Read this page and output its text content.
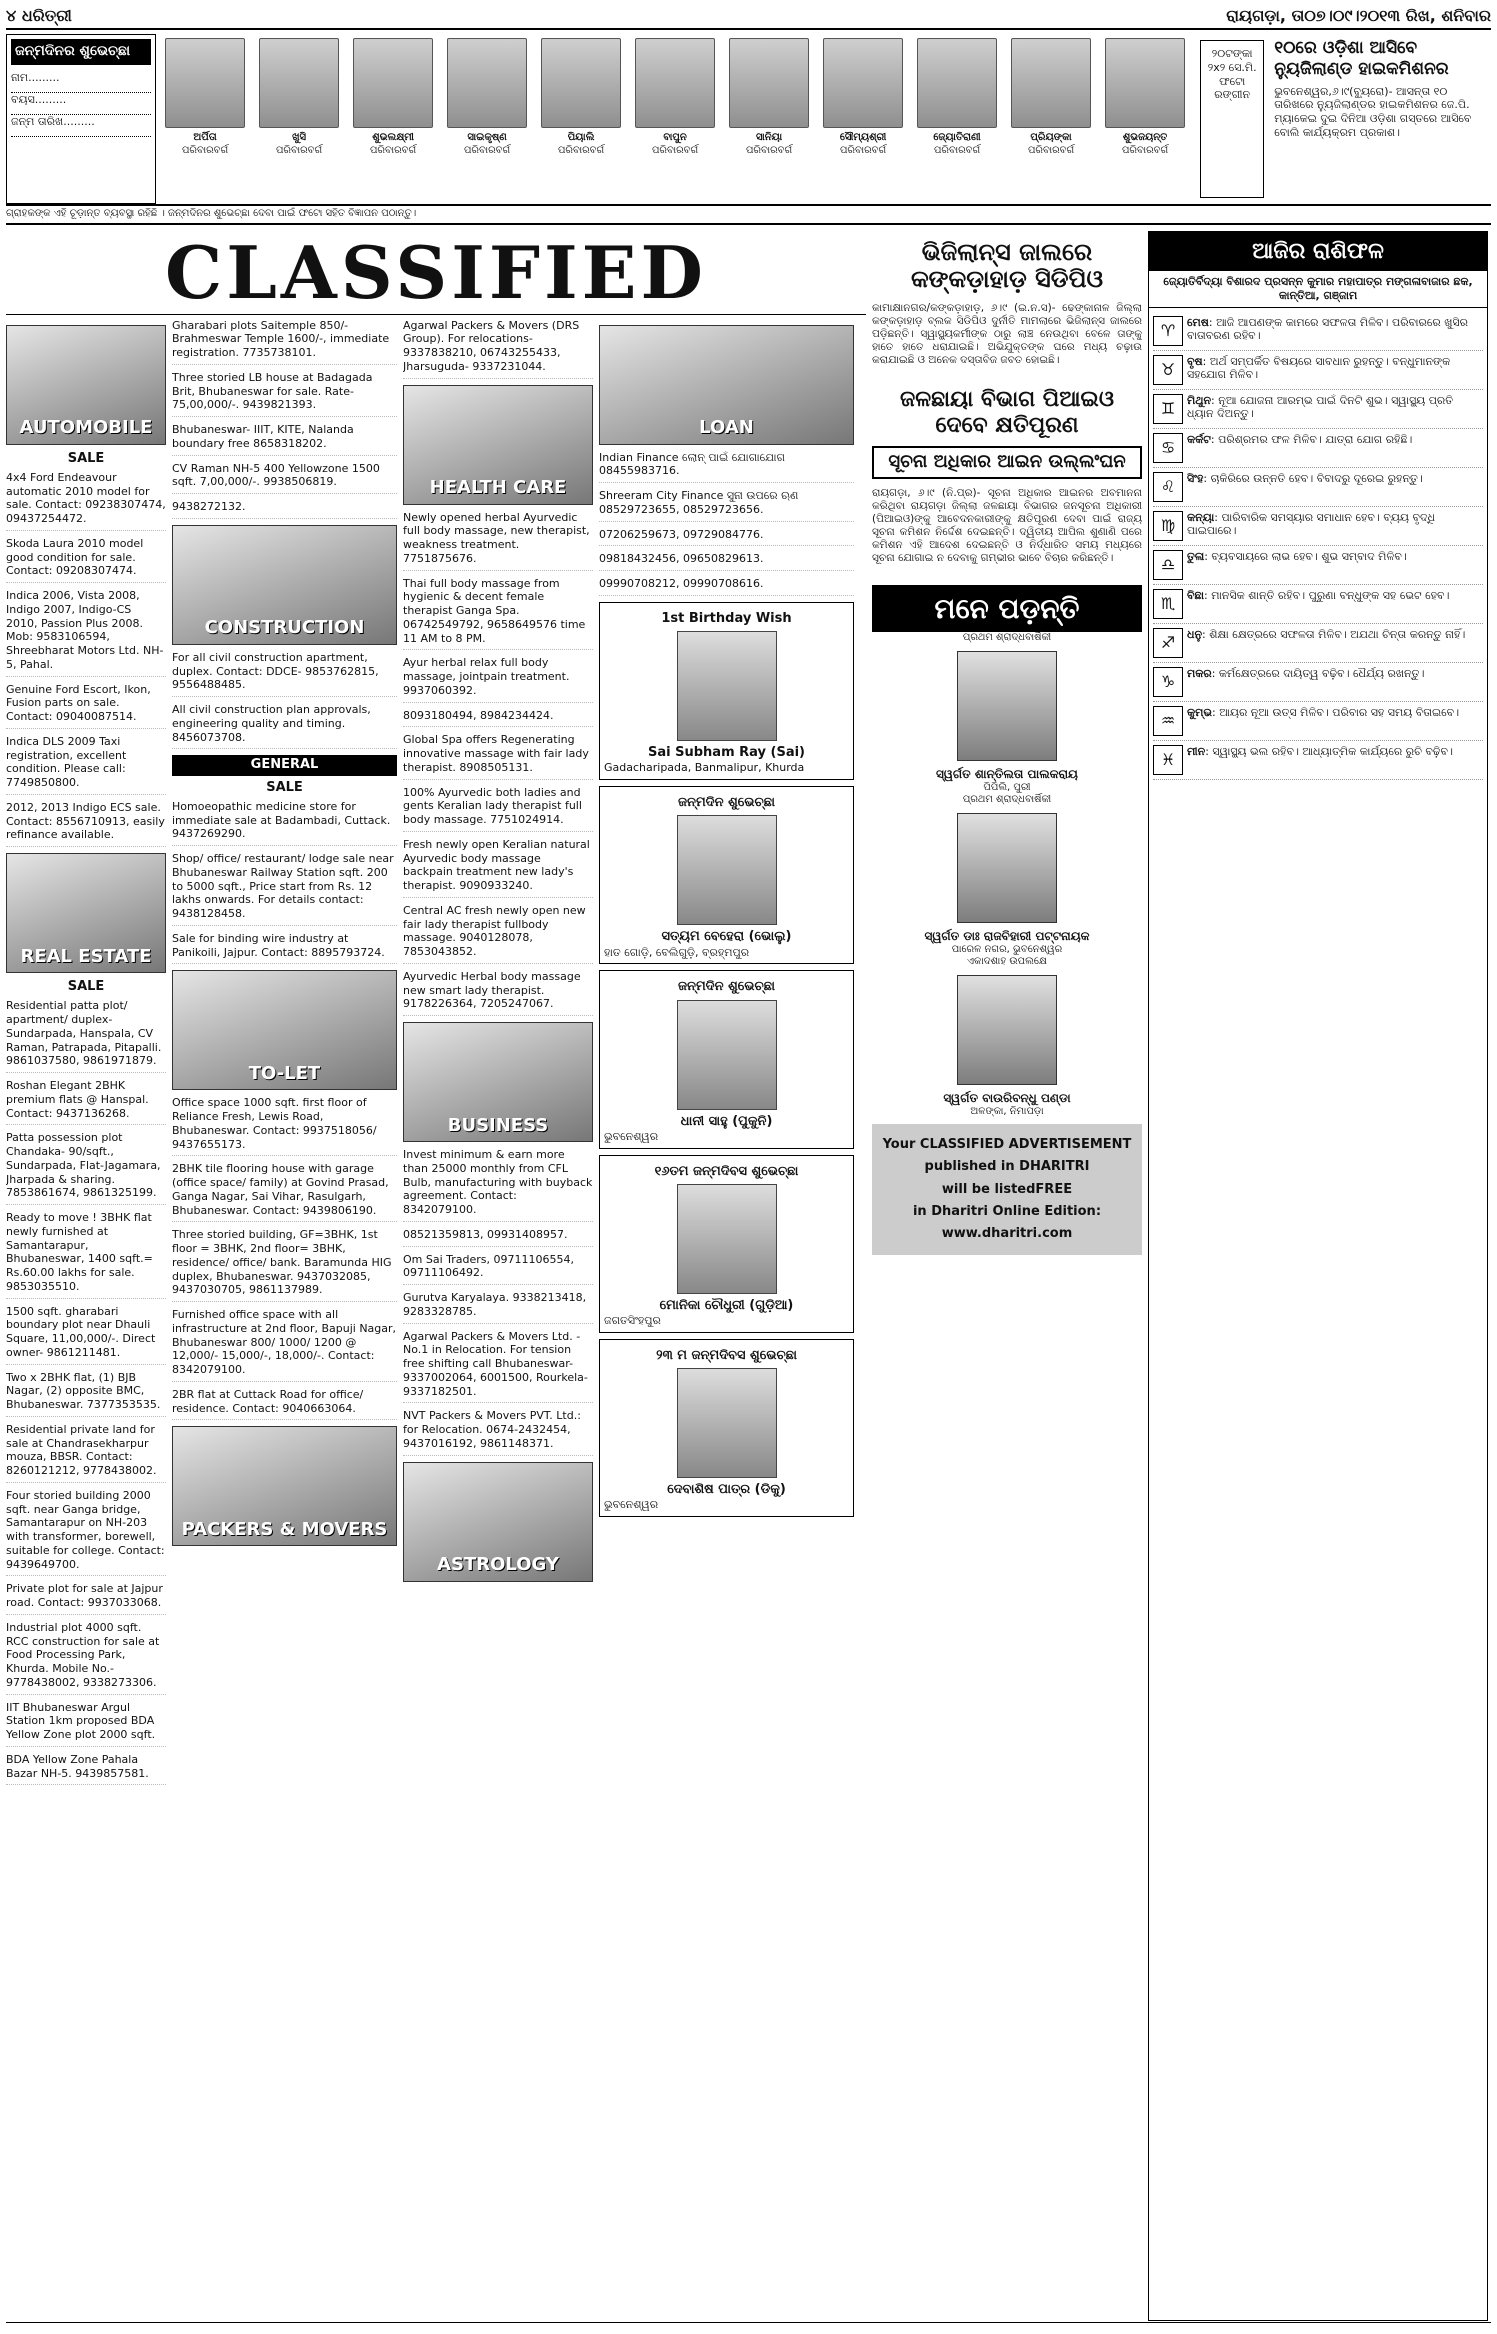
୪ ଧରିତ୍ରୀ	ରାୟଗଡ଼ା, ତା୦୭।୦୯।୨୦୧୩ ରିଖ, ଶନିବାର
ଜନ୍ମଦିନର ଶୁଭେଚ୍ଛା
ନାମ.........
ବୟସ.........
ଜନ୍ମ ତାରିଖ.........
ଅର୍ପିତା
ପରିବାରବର୍ଗ
ଖୁସି
ପରିବାରବର୍ଗ
ଶୁଭଲକ୍ଷ୍ମୀ
ପରିବାରବର୍ଗ
ସାଇକୃଷ୍ଣ
ପରିବାରବର୍ଗ
ପିୟାଲି
ପରିବାରବର୍ଗ
ବାପୁନ
ପରିବାରବର୍ଗ
ସାନିୟା
ପରିବାରବର୍ଗ
ସୌମ୍ୟଶ୍ରୀ
ପରିବାରବର୍ଗ
ଜ୍ୟୋତିରାଣୀ
ପରିବାରବର୍ଗ
ପ୍ରିୟଙ୍କା
ପରିବାରବର୍ଗ
ଶୁଭଜୟନ୍ତ
ପରିବାରବର୍ଗ
୨୦ଟଙ୍କା ୨x୨ ସେ.ମି. ଫଟୋ ରଙ୍ଗୀନ
୧୦ରେ ଓଡ଼ିଶା ଆସିବେ ନ୍ୟୁଜିଲାଣ୍ଡ ହାଇକମିଶନର

ଭୁବନେଶ୍ୱର,୬।୯(ବ୍ୟୁରୋ)- ଆସନ୍ତା ୧୦ ତାରିଖରେ ନ୍ୟୁଜିଲାଣ୍ଡର ହାଇକମିଶନର ଜେ.ପି. ମ୍ୟାକେଇ ଦୁଇ ଦିନିଆ ଓଡ଼ିଶା ଗସ୍ତରେ ଆସିବେ ବୋଲି କାର୍ଯ୍ୟକ୍ରମ ପ୍ରକାଶ।

ଗ୍ରାହକଙ୍କ ଏହି ଚୂଡ଼ାନ୍ତ ବ୍ୟବସ୍ଥା ରହିଛି । ଜନ୍ମଦିନର ଶୁଭେଚ୍ଛା ଦେବା ପାଇଁ ଫଟୋ ସହିତ ବିଜ୍ଞାପନ ପଠାନ୍ତୁ।
CLASSIFIED
AUTOMOBILE
SALE
4x4 Ford Endeavour automatic 2010 model for sale. Contact: 09238307474, 09437254472.
Skoda Laura 2010 model good condition for sale. Contact: 09208307474.
Indica 2006, Vista 2008, Indigo 2007, Indigo-CS 2010, Passion Plus 2008. Mob: 9583106594, Shreebharat Motors Ltd. NH-5, Pahal.
Genuine Ford Escort, Ikon, Fusion parts on sale. Contact: 09040087514.
Indica DLS 2009 Taxi registration, excellent condition. Please call: 7749850800.
2012, 2013 Indigo ECS sale. Contact: 8556710913, easily refinance available.
REAL ESTATE
SALE
Residential patta plot/ apartment/ duplex- Sundarpada, Hanspala, CV Raman, Patrapada, Pitapalli. 9861037580, 9861971879.
Roshan Elegant 2BHK premium flats @ Hanspal. Contact: 9437136268.
Patta possession plot Chandaka- 90/sqft., Sundarpada, Flat-Jagamara, Jharpada & sharing. 7853861674, 9861325199.
Ready to move ! 3BHK flat newly furnished at Samantarapur, Bhubaneswar, 1400 sqft.= Rs.60.00 lakhs for sale. 9853035510.
1500 sqft. gharabari boundary plot near Dhauli Square, 11,00,000/-. Direct owner- 9861211481.
Two x 2BHK flat, (1) BJB Nagar, (2) opposite BMC, Bhubaneswar. 7377353535.
Residential private land for sale at Chandrasekharpur mouza, BBSR. Contact: 8260121212, 9778438002.
Four storied building 2000 sqft. near Ganga bridge, Samantarapur on NH-203 with transformer, borewell, suitable for college. Contact: 9439649700.
Private plot for sale at Jajpur road. Contact: 9937033068.
Industrial plot 4000 sqft. RCC construction for sale at Food Processing Park, Khurda. Mobile No.- 9778438002, 9338273306.
IIT Bhubaneswar Argul Station 1km proposed BDA Yellow Zone plot 2000 sqft.
BDA Yellow Zone Pahala Bazar NH-5. 9439857581.
Gharabari plots Saitemple 850/- Brahmeswar Temple 1600/-, immediate registration. 7735738101.
Three storied LB house at Badagada Brit, Bhubaneswar for sale. Rate- 75,00,000/-. 9439821393.
Bhubaneswar- IIIT, KITE, Nalanda boundary free 8658318202.
CV Raman NH-5 400 Yellowzone 1500 sqft. 7,00,000/-. 9938506819.
9438272132.
CONSTRUCTION
For all civil construction apartment, duplex. Contact: DDCE- 9853762815, 9556488485.
All civil construction plan approvals, engineering quality and timing. 8456073708.
GENERAL
SALE
Homoeopathic medicine store for immediate sale at Badambadi, Cuttack. 9437269290.
Shop/ office/ restaurant/ lodge sale near Bhubaneswar Railway Station sqft. 200 to 5000 sqft., Price start from Rs. 12 lakhs onwards. For details contact: 9438128458.
Sale for binding wire industry at Panikoili, Jajpur. Contact: 8895793724.
TO-LET
Office space 1000 sqft. first floor of Reliance Fresh, Lewis Road, Bhubaneswar. Contact: 9937518056/ 9437655173.
2BHK tile flooring house with garage (office space/ family) at Govind Prasad, Ganga Nagar, Sai Vihar, Rasulgarh, Bhubaneswar. Contact: 9439806190.
Three storied building, GF=3BHK, 1st floor = 3BHK, 2nd floor= 3BHK, residence/ office/ bank. Baramunda HIG duplex, Bhubaneswar. 9437032085, 9437030705, 9861137989.
Furnished office space with all infrastructure at 2nd floor, Bapuji Nagar, Bhubaneswar 800/ 1000/ 1200 @ 12,000/- 15,000/-, 18,000/-. Contact: 8342079100.
2BR flat at Cuttack Road for office/ residence. Contact: 9040663064.
PACKERS & MOVERS
Agarwal Packers & Movers (DRS Group). For relocations- 9337838210, 06743255433, Jharsuguda- 9337231044.
HEALTH CARE
Newly opened herbal Ayurvedic full body massage, new therapist, weakness treatment. 7751875676.
Thai full body massage from hygienic & decent female therapist Ganga Spa. 06742549792, 9658649576 time 11 AM to 8 PM.
Ayur herbal relax full body massage, jointpain treatment. 9937060392.
8093180494, 8984234424.
Global Spa offers Regenerating innovative massage with fair lady therapist. 8908505131.
100% Ayurvedic both ladies and gents Keralian lady therapist full body massage. 7751024914.
Fresh newly open Keralian natural Ayurvedic body massage backpain treatment new lady's therapist. 9090933240.
Central AC fresh newly open new fair lady therapist fullbody massage. 9040128078, 7853043852.
Ayurvedic Herbal body massage new smart lady therapist. 9178226364, 7205247067.
BUSINESS
Invest minimum & earn more than 25000 monthly from CFL Bulb, manufacturing with buyback agreement. Contact: 8342079100.
08521359813, 09931408957.
Om Sai Traders, 09711106554, 09711106492.
Gurutva Karyalaya. 9338213418, 9283328785.
Agarwal Packers & Movers Ltd. - No.1 in Relocation. For tension free shifting call Bhubaneswar- 9337002064, 6001500, Rourkela- 9337182501.
NVT Packers & Movers PVT. Ltd.: for Relocation. 0674-2432454, 9437016192, 9861148371.
ASTROLOGY
LOAN
Indian Finance ଲୋନ୍ ପାଇଁ ଯୋଗାଯୋଗ 08455983716.
Shreeram City Finance ସୁନା ଉପରେ ଋଣ 08529723655, 08529723656.
07206259673, 09729084776.
09818432456, 09650829613.
09990708212, 09990708616.
1st Birthday Wish
Sai Subham Ray (Sai)
Gadacharipada, Banmalipur, Khurda
ଜନ୍ମଦିନ ଶୁଭେଚ୍ଛା
ସତ୍ୟମ ବେହେରା (ଭୋଲୁ)
ହାତ ଗୋଡ଼ି, ବେଲିଗୁଡ଼ି, ବ୍ରହ୍ମପୁର
ଜନ୍ମଦିନ ଶୁଭେଚ୍ଛା
ଧାନୀ ସାହୁ (ପୁକୁନି)
ଭୁବନେଶ୍ୱର
୧୬ତମ ଜନ୍ମଦିବସ ଶୁଭେଚ୍ଛା
ମୋନିକା ଚୌଧୁରୀ (ଗୁଡ଼ିଆ)
ଜଗତସିଂହପୁର
୨୩ ମ ଜନ୍ମଦିବସ ଶୁଭେଚ୍ଛା
ଦେବାଶିଷ ପାତ୍ର (ଡିକୁ)
ଭୁବନେଶ୍ୱର
ଭିଜିଲାନ୍ସ ଜାଲରେ କଙ୍କଡ଼ାହାଡ଼ ସିଡିପିଓ

କାମାକ୍ଷାନଗର/କଙ୍କଡ଼ାହାଡ଼, ୬।୯ (ଇ.ନ.ସ)- ଢେଙ୍କାନାଳ ଜିଲ୍ଲା କଙ୍କଡ଼ାହାଡ଼ ବ୍ଲକ ସିଡିପିଓ ଦୁର୍ନୀତି ମାମଲାରେ ଭିଜିଲାନ୍ସ ଜାଲରେ ପଡ଼ିଛନ୍ତି। ସ୍ୱାସ୍ଥ୍ୟକର୍ମୀଙ୍କ ଠାରୁ ଲାଞ୍ଚ ନେଉଥିବା ବେଳେ ତାଙ୍କୁ ହାତେ ହାତେ ଧରାଯାଇଛି। ଅଭିଯୁକ୍ତଙ୍କ ଘରେ ମଧ୍ୟ ଚଢ଼ାଉ କରାଯାଇଛି ଓ ଅନେକ ଦସ୍ତାବିଜ ଜବତ ହୋଇଛି।

ଜଳଛାୟା ବିଭାଗ ପିଆଇଓ ଦେବେ କ୍ଷତିପୂରଣ
ସୂଚନା ଅଧିକାର ଆଇନ ଉଲ୍ଲଂଘନ

ରାୟଗଡ଼ା, ୬।୯ (ନି.ପ୍ର)- ସୂଚନା ଅଧିକାର ଆଇନର ଅବମାନନା କରିଥିବା ରାୟଗଡ଼ା ଜିଲ୍ଲା ଜଳଛାୟା ବିଭାଗର ଜନସୂଚନା ଅଧିକାରୀ (ପିଆଇଓ)ଙ୍କୁ ଆବେଦନକାରୀଙ୍କୁ କ୍ଷତିପୂରଣ ଦେବା ପାଇଁ ରାଜ୍ୟ ସୂଚନା କମିଶନ ନିର୍ଦ୍ଦେଶ ଦେଇଛନ୍ତି। ଦ୍ୱିତୀୟ ଆପିଲ ଶୁଣାଣି ପରେ କମିଶନ ଏହି ଆଦେଶ ଦେଇଛନ୍ତି ଓ ନିର୍ଦ୍ଧାରିତ ସମୟ ମଧ୍ୟରେ ସୂଚନା ଯୋଗାଇ ନ ଦେବାକୁ ଗମ୍ଭୀର ଭାବେ ବିଚାର କରିଛନ୍ତି।

ମନେ ପଡ଼ନ୍ତି
ପ୍ରଥମ ଶ୍ରାଦ୍ଧବାର୍ଷିକୀ
ସ୍ୱର୍ଗତ ଶାନ୍ତିଲତା ପାଲକରାୟ
ପିପିଲି, ପୁରୀ
ପ୍ରଥମ ଶ୍ରାଦ୍ଧବାର୍ଷିକୀ
ସ୍ୱର୍ଗତ ଡାଃ ରାଜବିହାରୀ ପଟ୍ଟନାୟକ
ପାରେଳ ନଗର, ଭୁବନେଶ୍ୱର
ଏକାଦଶାହ ଉପଲକ୍ଷେ
ସ୍ୱର୍ଗତ ବାଉରିବନ୍ଧୁ ପଣ୍ଡା
ଅଳଙ୍କା, ନିମାପଡ଼ା
Your CLASSIFIED ADVERTISEMENT
published in DHARITRI
will be listedFREE
in Dharitri Online Edition: www.dharitri.com
ଆଜିର ରାଶିଫଳ
ଜ୍ୟୋତିର୍ବିଦ୍ୟା ବିଶାରଦ ପ୍ରସନ୍ନ କୁମାର ମହାପାତ୍ର ମଙ୍ଗଳାବାଜାର ଛକ, କାନ୍ତିଆ, ଗଞ୍ଜାମ
♈	ମେଷ: ଆଜି ଆପଣଙ୍କ କାମରେ ସଫଳତା ମିଳିବ। ପରିବାରରେ ଖୁସିର ବାତାବରଣ ରହିବ।
♉	ବୃଷ: ଅର୍ଥ ସମ୍ପର୍କିତ ବିଷୟରେ ସାବଧାନ ରୁହନ୍ତୁ। ବନ୍ଧୁମାନଙ୍କ ସହଯୋଗ ମିଳିବ।
♊	ମିଥୁନ: ନୂଆ ଯୋଜନା ଆରମ୍ଭ ପାଇଁ ଦିନଟି ଶୁଭ। ସ୍ୱାସ୍ଥ୍ୟ ପ୍ରତି ଧ୍ୟାନ ଦିଅନ୍ତୁ।
♋	କର୍କଟ: ପରିଶ୍ରମର ଫଳ ମିଳିବ। ଯାତ୍ରା ଯୋଗ ରହିଛି।
♌	ସିଂହ: ଚାକିରିରେ ଉନ୍ନତି ହେବ। ବିବାଦରୁ ଦୂରେଇ ରୁହନ୍ତୁ।
♍	କନ୍ୟା: ପାରିବାରିକ ସମସ୍ୟାର ସମାଧାନ ହେବ। ବ୍ୟୟ ବୃଦ୍ଧି ପାଇପାରେ।
♎	ତୁଳା: ବ୍ୟବସାୟରେ ଲାଭ ହେବ। ଶୁଭ ସମ୍ବାଦ ମିଳିବ।
♏	ବିଛା: ମାନସିକ ଶାନ୍ତି ରହିବ। ପୁରୁଣା ବନ୍ଧୁଙ୍କ ସହ ଭେଟ ହେବ।
♐	ଧନୁ: ଶିକ୍ଷା କ୍ଷେତ୍ରରେ ସଫଳତା ମିଳିବ। ଅଯଥା ଚିନ୍ତା କରନ୍ତୁ ନାହିଁ।
♑	ମକର: କର୍ମକ୍ଷେତ୍ରରେ ଦାୟିତ୍ୱ ବଢ଼ିବ। ଧୈର୍ଯ୍ୟ ରଖନ୍ତୁ।
♒	କୁମ୍ଭ: ଆୟର ନୂଆ ଉତ୍ସ ମିଳିବ। ପରିବାର ସହ ସମୟ ବିତାଇବେ।
♓	ମୀନ: ସ୍ୱାସ୍ଥ୍ୟ ଭଲ ରହିବ। ଆଧ୍ୟାତ୍ମିକ କାର୍ଯ୍ୟରେ ରୁଚି ବଢ଼ିବ।
